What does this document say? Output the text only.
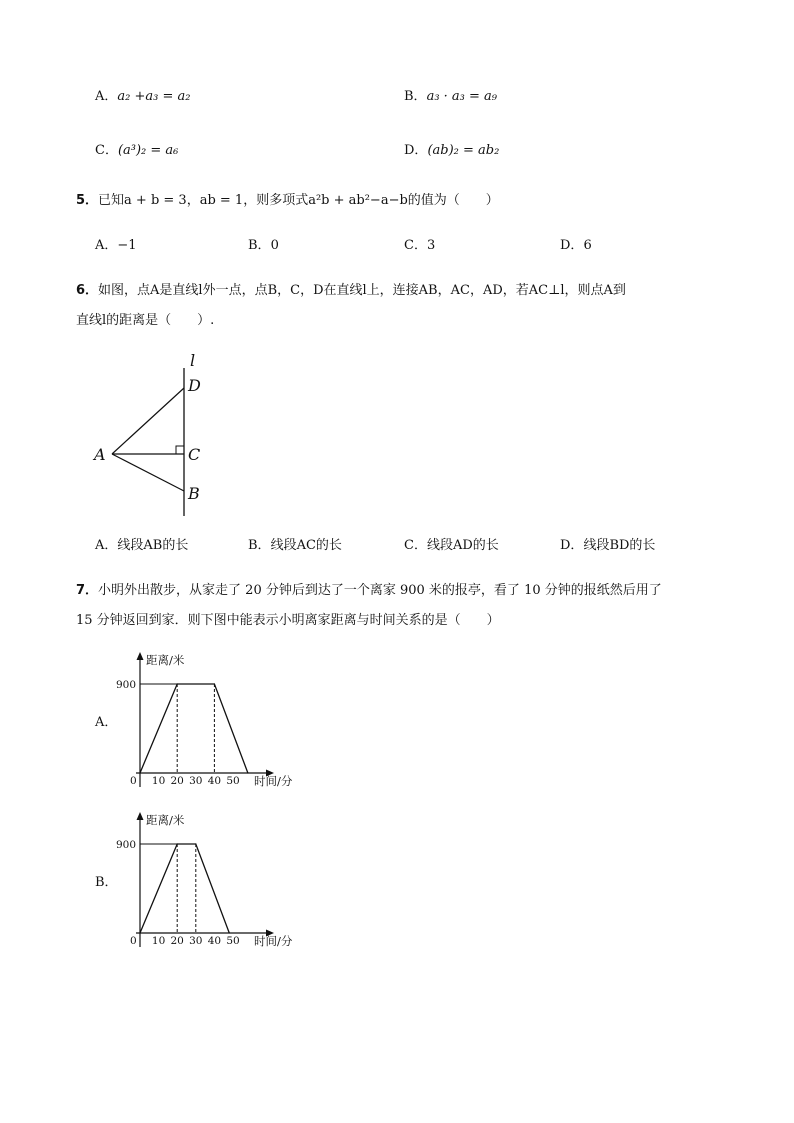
A．a₂ +a₃ = a₂	B．a₃ · a₃ = a₉
C．(a³)₂ = a₆	D．(ab)₂ = ab₂
5．已知a + b = 3，ab = 1，则多项式a²b + ab²−a−b的值为（　　）
A．−1	B．0	C．3	D．6
6．如图，点A是直线l外一点，点B，C，D在直线l上，连接AB，AC，AD，若AC⊥l，则点A到
直线l的距离是（　　）.
l
D
A	C
B
A．线段AB的长	B．线段AC的长	C．线段AD的长	D．线段BD的长
7．小明外出散步，从家走了 20 分钟后到达了一个离家 900 米的报亭，看了 10 分钟的报纸然后用了
15 分钟返回到家．则下图中能表示小明离家距离与时间关系的是（　　）
A．
B．
距离/米
时间/分
0 10 20 30 40 50
900
距离/米
时间/分
0 10 20 30 40 50
900
